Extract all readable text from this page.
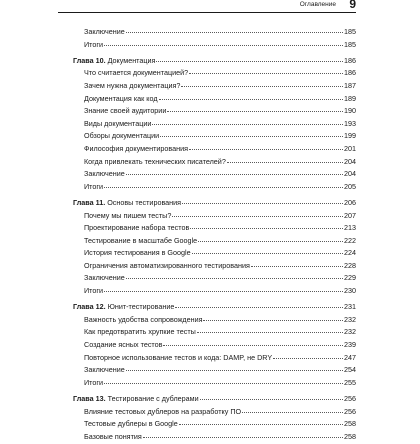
Оглавление 9
Заключение	185
Итоги	185
Глава 10. Документация	186
Что считается документацией?	186
Зачем нужна документация?	187
Документация как код	189
Знание своей аудитории	190
Виды документации	193
Обзоры документации	199
Философия документирования	201
Когда привлекать технических писателей?	204
Заключение	204
Итоги	205
Глава 11. Основы тестирования	206
Почему мы пишем тесты?	207
Проектирование набора тестов	213
Тестирование в масштабе Google	222
История тестирования в Google	224
Ограничения автоматизированного тестирования	228
Заключение	229
Итоги	230
Глава 12. Юнит-тестирование	231
Важность удобства сопровождения	232
Как предотвратить хрупкие тесты	232
Создание ясных тестов	239
Повторное использование тестов и кода: DAMP, не DRY	247
Заключение	254
Итоги	255
Глава 13. Тестирование с дублерами	256
Влияние тестовых дублеров на разработку ПО	256
Тестовые дублеры в Google	258
Базовые понятия	258
